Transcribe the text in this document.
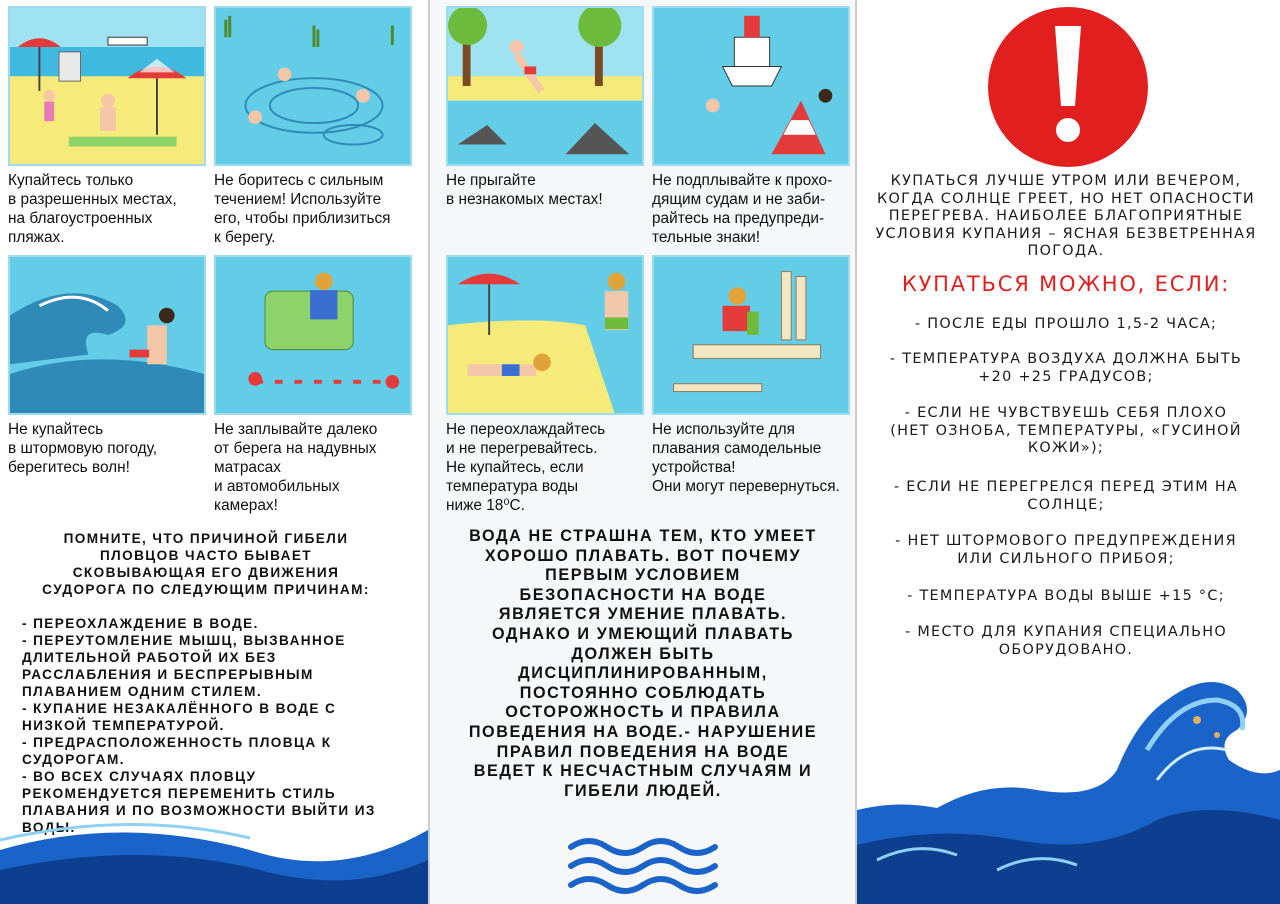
Купайтесь только
в разрешенных местах,
на благоустроенных
пляжах.
Не боритесь с сильным
течением! Используйте
его, чтобы приблизиться
к берегу.
Не купайтесь
в штормовую погоду,
берегитесь волн!
Не заплывайте далеко
от берега на надувных
матрасах
и автомобильных
камерах!
ПОМНИТЕ, ЧТО ПРИЧИНОЙ ГИБЕЛИ
ПЛОВЦОВ ЧАСТО БЫВАЕТ
СКОВЫВАЮЩАЯ ЕГО ДВИЖЕНИЯ
СУДОРОГА ПО СЛЕДУЮЩИМ ПРИЧИНАМ:
- ПЕРЕОХЛАЖДЕНИЕ В ВОДЕ.
- ПЕРЕУТОМЛЕНИЕ МЫШЦ, ВЫЗВАННОЕ ДЛИТЕЛЬНОЙ РАБОТОЙ ИХ БЕЗ РАССЛАБЛЕНИЯ И БЕСПРЕРЫВНЫМ ПЛАВАНИЕМ ОДНИМ СТИЛЕМ.
- КУПАНИЕ НЕЗАКАЛЁННОГО В ВОДЕ С НИЗКОЙ ТЕМПЕРАТУРОЙ.
- ПРЕДРАСПОЛОЖЕННОСТЬ ПЛОВЦА К СУДОРОГАМ.
- ВО ВСЕХ СЛУЧАЯХ ПЛОВЦУ РЕКОМЕНДУЕТСЯ ПЕРЕМЕНИТЬ СТИЛЬ ПЛАВАНИЯ И ПО ВОЗМОЖНОСТИ ВЫЙТИ ИЗ ВОДЫ.
Не прыгайте
в незнакомых местах!
Не подплывайте к прохо-
дящим судам и не заби-
райтесь на предупреди-
тельные знаки!
Не переохлаждайтесь
и не перегревайтесь.
Не купайтесь, если
температура воды
ниже 18⁰С.
Не используйте для
плавания самодельные
устройства!
Они могут перевернуться.
ВОДА НЕ СТРАШНА ТЕМ, КТО УМЕЕТ
ХОРОШО ПЛАВАТЬ. ВОТ ПОЧЕМУ
ПЕРВЫМ УСЛОВИЕМ
БЕЗОПАСНОСТИ НА ВОДЕ
ЯВЛЯЕТСЯ УМЕНИЕ ПЛАВАТЬ.
ОДНАКО И УМЕЮЩИЙ ПЛАВАТЬ
ДОЛЖЕН БЫТЬ
ДИСЦИПЛИНИРОВАННЫМ,
ПОСТОЯННО СОБЛЮДАТЬ
ОСТОРОЖНОСТЬ И ПРАВИЛА
ПОВЕДЕНИЯ НА ВОДЕ.- НАРУШЕНИЕ
ПРАВИЛ ПОВЕДЕНИЯ НА ВОДЕ
ВЕДЕТ К НЕСЧАСТНЫМ СЛУЧАЯМ И
ГИБЕЛИ ЛЮДЕЙ.
КУПАТЬСЯ ЛУЧШЕ УТРОМ ИЛИ ВЕЧЕРОМ,
КОГДА СОЛНЦЕ ГРЕЕТ, НО НЕТ ОПАСНОСТИ
ПЕРЕГРЕВА. НАИБОЛЕЕ БЛАГОПРИЯТНЫЕ
УСЛОВИЯ КУПАНИЯ – ЯСНАЯ БЕЗВЕТРЕННАЯ
ПОГОДА.
КУПАТЬСЯ МОЖНО, ЕСЛИ:
- ПОСЛЕ ЕДЫ ПРОШЛО 1,5-2 ЧАСА;
- ТЕМПЕРАТУРА ВОЗДУХА ДОЛЖНА БЫТЬ
+20 +25 ГРАДУСОВ;
- ЕСЛИ НЕ ЧУВСТВУЕШЬ СЕБЯ ПЛОХО
(НЕТ ОЗНОБА, ТЕМПЕРАТУРЫ, «ГУСИНОЙ
КОЖИ»);
- ЕСЛИ НЕ ПЕРЕГРЕЛСЯ ПЕРЕД ЭТИМ НА
СОЛНЦЕ;
- НЕТ ШТОРМОВОГО ПРЕДУПРЕЖДЕНИЯ
ИЛИ СИЛЬНОГО ПРИБОЯ;
- ТЕМПЕРАТУРА ВОДЫ ВЫШЕ +15 °С;
- МЕСТО ДЛЯ КУПАНИЯ СПЕЦИАЛЬНО
ОБОРУДОВАНО.
